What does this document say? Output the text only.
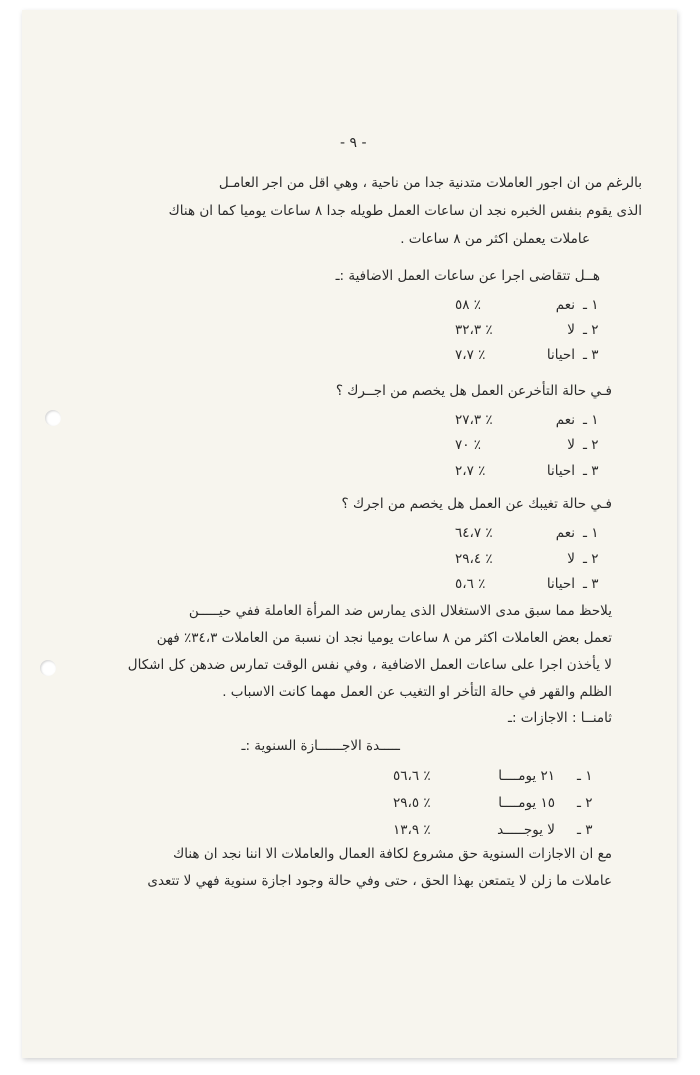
- ٩ -
بالرغم من ان اجور العاملات متدنية جدا من ناحية ، وهي اقل من اجر العامـل
الذى يقوم بنفس الخبره نجد ان ساعات العمل طويله جدا ٨ ساعات يوميا كما ان هناك
عاملات يعملن اكثر من ٨ ساعات .
هــل تتقاضى اجرا عن ساعات العمل الاضافية :ـ
١ ـ
نعم
٥٨ ٪
٢ ـ
لا
٣٢،٣ ٪
٣ ـ
احيانا
٧،٧ ٪
فـي حالة التأخرعن العمل هل يخصم من اجــرك ؟
١ ـ
نعم
٢٧،٣ ٪
٢ ـ
لا
٧٠ ٪
٣ ـ
احيانا
٢،٧ ٪
فـي حالة تغيبك عن العمل هل يخصم من اجرك ؟
١ ـ
نعم
٦٤،٧ ٪
٢ ـ
لا
٢٩،٤ ٪
٣ ـ
احيانا
٥،٦ ٪
يلاحظ مما سبق مدى الاستغلال الذى يمارس ضد المرأة العاملة ففي حيـــــن
تعمل بعض العاملات اكثر من ٨ ساعات يوميا نجد ان نسبة من العاملات ٣٤،٣٪ فهن
لا يأخذن اجرا على ساعات العمل الاضافية ، وفي نفس الوقت تمارس ضدهن كل اشكال
الظلم والقهر في حالة التأخر او التغيب عن العمل مهما كانت الاسباب .
ثامنــا : الاجازات :ـ
ـــــدة الاجــــــازة السنوية :ـ
١ ـ
٢١ يومــــا
٥٦،٦ ٪
٢ ـ
١٥ يومــــا
٢٩،٥ ٪
٣ ـ
لا يوجـــــد
١٣،٩ ٪
مع ان الاجازات السنوية حق مشروع لكافة العمال والعاملات الا اننا نجد ان هناك
عاملات ما زلن لا يتمتعن بهذا الحق ، حتى وفي حالة وجود اجازة سنوية فهي لا تتعدى
